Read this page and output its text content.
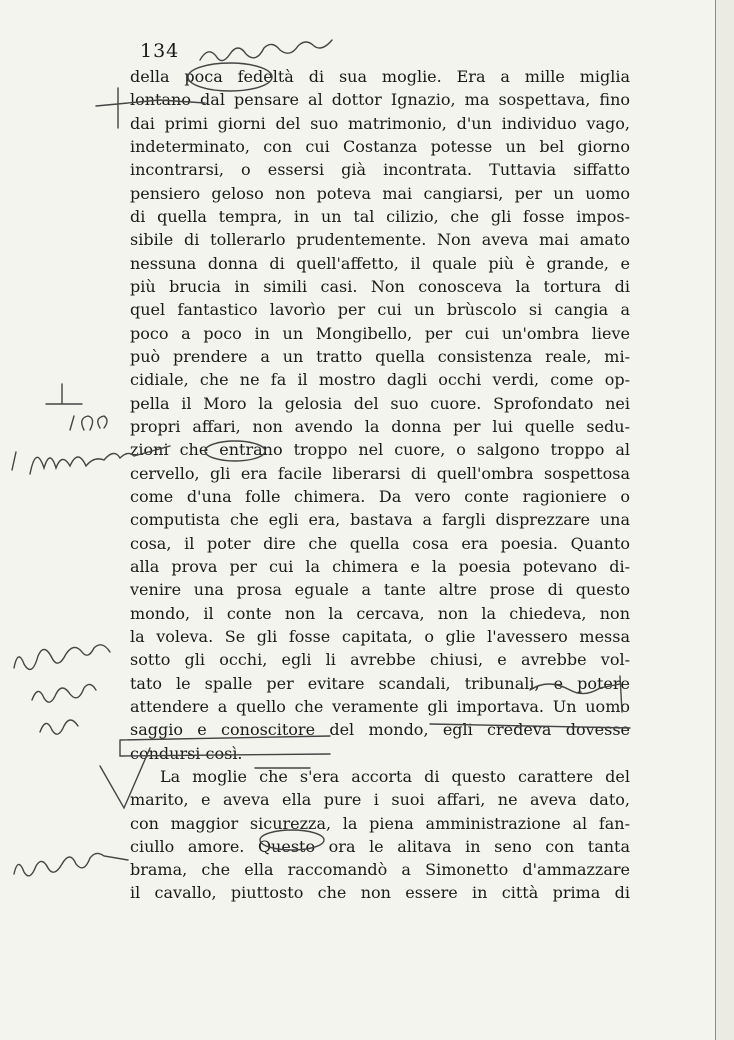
134
della poca fedeltà di sua moglie. Era a mille miglia
lontano dal pensare al dottor Ignazio, ma sospettava, fino
dai primi giorni del suo matrimonio, d'un individuo vago,
indeterminato, con cui Costanza potesse un bel giorno
incontrarsi, o essersi già incontrata. Tuttavia siffatto
pensiero geloso non poteva mai cangiarsi, per un uomo
di quella tempra, in un tal cilizio, che gli fosse impos-
sibile di tollerarlo prudentemente. Non aveva mai amato
nessuna donna di quell'affetto, il quale più è grande, e
più brucia in simili casi. Non conosceva la tortura di
quel fantastico lavorìo per cui un brùscolo si cangia a
poco a poco in un Mongibello, per cui un'ombra lieve
può prendere a un tratto quella consistenza reale, mi-
cidiale, che ne fa il mostro dagli occhi verdi, come op-
pella il Moro la gelosia del suo cuore. Sprofondato nei
propri affari, non avendo la donna per lui quelle sedu-
zioni che entrano troppo nel cuore, o salgono troppo al
cervello, gli era facile liberarsi di quell'ombra sospettosa
come d'una folle chimera. Da vero conte ragioniere o
computista che egli era, bastava a fargli disprezzare una
cosa, il poter dire che quella cosa era poesia. Quanto
alla prova per cui la chimera e la poesia potevano di-
venire una prosa eguale a tante altre prose di questo
mondo, il conte non la cercava, non la chiedeva, non
la voleva. Se gli fosse capitata, o glie l'avessero messa
sotto gli occhi, egli li avrebbe chiusi, e avrebbe vol-
tato le spalle per evitare scandali, tribunali, e potere
attendere a quello che veramente gli importava. Un uomo
saggio e conoscitore del mondo, egli credeva dovesse
condursi così.
La moglie che s'era accorta di questo carattere del
marito, e aveva ella pure i suoi affari, ne aveva dato,
con maggior sicurezza, la piena amministrazione al fan-
ciullo amore. Questo ora le alitava in seno con tanta
brama, che ella raccomandò a Simonetto d'ammazzare
il cavallo, piuttosto che non essere in città prima di
